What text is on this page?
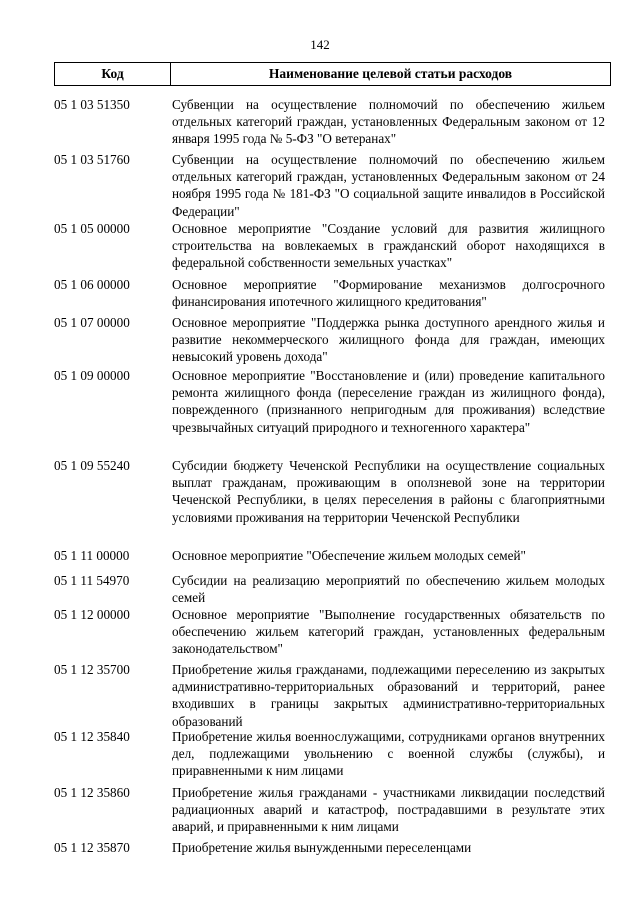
142
Код	Наименование целевой статьи расходов
05 1 03 51350	Субвенции на осуществление полномочий по обеспечению жильем отдельных категорий граждан, установленных Федеральным законом от 12 января 1995 года № 5-ФЗ "О ветеранах"
05 1 03 51760	Субвенции на осуществление полномочий по обеспечению жильем отдельных категорий граждан, установленных Федеральным законом от 24 ноября 1995 года № 181-ФЗ "О социальной защите инвалидов в Российской Федерации"
05 1 05 00000	Основное мероприятие "Создание условий для развития жилищного строительства на вовлекаемых в гражданский оборот находящихся в федеральной собственности земельных участках"
05 1 06 00000	Основное мероприятие "Формирование механизмов долгосрочного финансирования ипотечного жилищного кредитования"
05 1 07 00000	Основное мероприятие "Поддержка рынка доступного арендного жилья и развитие некоммерческого жилищного фонда для граждан, имеющих невысокий уровень дохода"
05 1 09 00000	Основное мероприятие "Восстановление и (или) проведение капитального ремонта жилищного фонда (переселение граждан из жилищного фонда), поврежденного (признанного непригодным для проживания) вследствие чрезвычайных ситуаций природного и техногенного характера"
05 1 09 55240	Субсидии бюджету Чеченской Республики на осуществление социальных выплат гражданам, проживающим в оползневой зоне на территории Чеченской Республики, в целях переселения в районы с благоприятными условиями проживания на территории Чеченской Республики
05 1 11 00000	Основное мероприятие "Обеспечение жильем молодых семей"
05 1 11 54970	Субсидии на реализацию мероприятий по обеспечению жильем молодых семей
05 1 12 00000	Основное мероприятие "Выполнение государственных обязательств по обеспечению жильем категорий граждан, установленных федеральным законодательством"
05 1 12 35700	Приобретение жилья гражданами, подлежащими переселению из закрытых административно-территориальных образований и территорий, ранее входивших в границы закрытых административно-территориальных образований
05 1 12 35840	Приобретение жилья военнослужащими, сотрудниками органов внутренних дел, подлежащими увольнению с военной службы (службы), и приравненными к ним лицами
05 1 12 35860	Приобретение жилья гражданами - участниками ликвидации последствий радиационных аварий и катастроф, пострадавшими в результате этих аварий, и приравненными к ним лицами
05 1 12 35870	Приобретение жилья вынужденными переселенцами
